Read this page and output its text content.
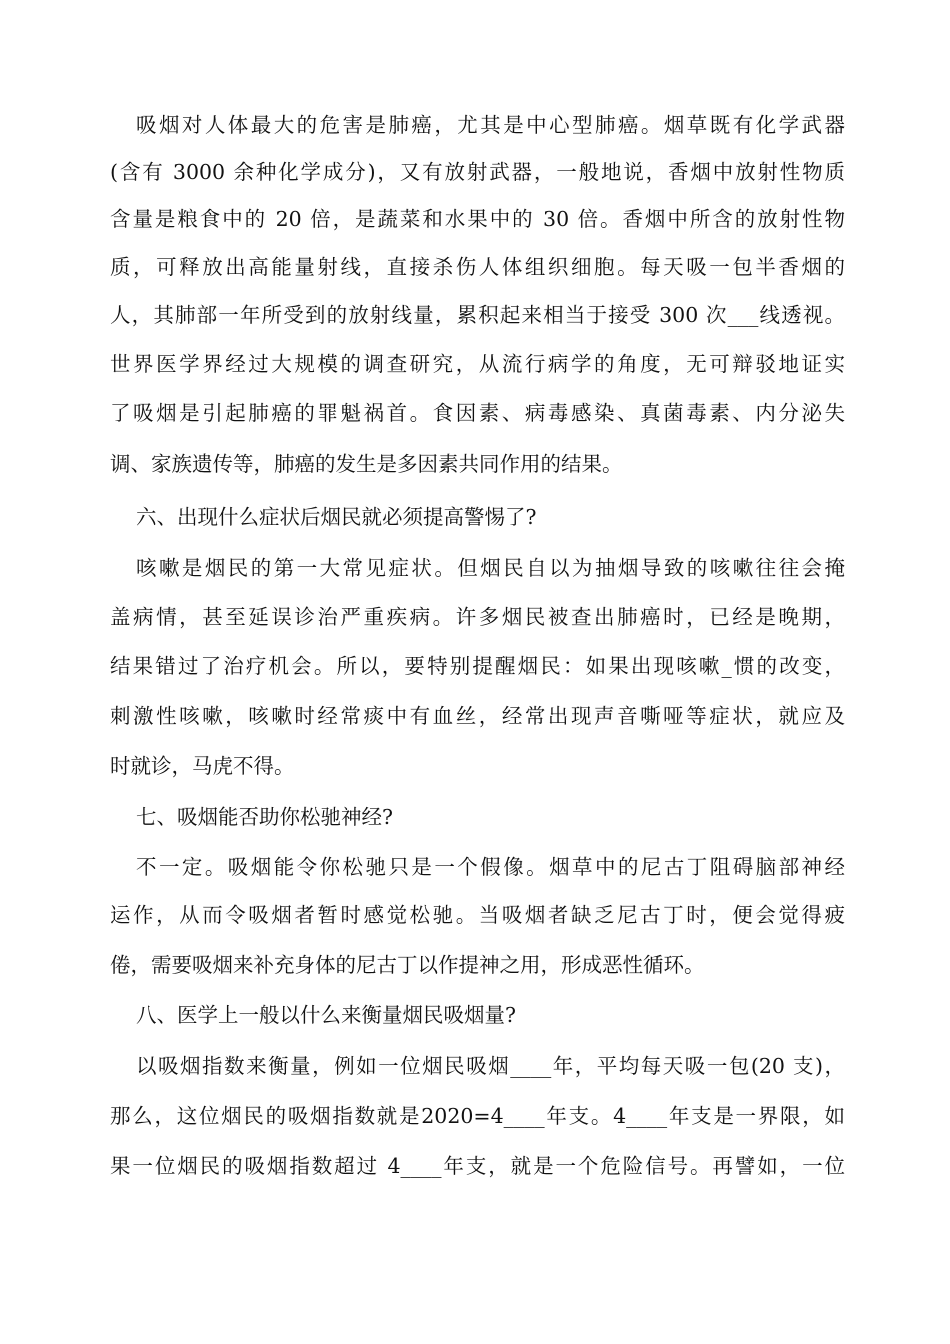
吸烟对人体最大的危害是肺癌，尤其是中心型肺癌。烟草既有化学武器
(含有 3000 余种化学成分)，又有放射武器，一般地说，香烟中放射性物质
含量是粮食中的 20 倍，是蔬菜和水果中的 30 倍。香烟中所含的放射性物
质，可释放出高能量射线，直接杀伤人体组织细胞。每天吸一包半香烟的
人，其肺部一年所受到的放射线量，累积起来相当于接受 300 次___线透视。
世界医学界经过大规模的调查研究，从流行病学的角度，无可辩驳地证实
了吸烟是引起肺癌的罪魁祸首。食因素、病毒感染、真菌毒素、内分泌失
调、家族遗传等，肺癌的发生是多因素共同作用的结果。
六、出现什么症状后烟民就必须提高警惕了?
咳嗽是烟民的第一大常见症状。但烟民自以为抽烟导致的咳嗽往往会掩
盖病情，甚至延误诊治严重疾病。许多烟民被查出肺癌时，已经是晚期，
结果错过了治疗机会。所以，要特别提醒烟民：如果出现咳嗽_惯的改变，
刺激性咳嗽，咳嗽时经常痰中有血丝，经常出现声音嘶哑等症状，就应及
时就诊，马虎不得。
七、吸烟能否助你松驰神经?
不一定。吸烟能令你松驰只是一个假像。烟草中的尼古丁阻碍脑部神经
运作，从而令吸烟者暂时感觉松驰。当吸烟者缺乏尼古丁时，便会觉得疲
倦，需要吸烟来补充身体的尼古丁以作提神之用，形成恶性循环。
八、医学上一般以什么来衡量烟民吸烟量?
以吸烟指数来衡量，例如一位烟民吸烟____年，平均每天吸一包(20 支)，
那么，这位烟民的吸烟指数就是2020=4____年支。4____年支是一界限，如
果一位烟民的吸烟指数超过 4____年支，就是一个危险信号。再譬如，一位
